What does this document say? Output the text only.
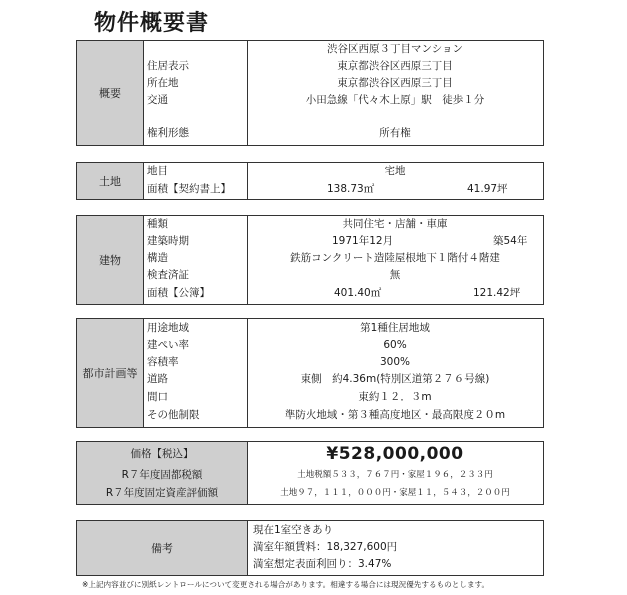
物件概要書
概要
渋谷区西原３丁目マンション
住居表示	東京都渋谷区西原三丁目
所在地	東京都渋谷区西原三丁目
交通	小田急線「代々木上原」駅　徒歩１分
権利形態	所有権
土地
地目	宅地
面積【契約書上】	138.73㎡	41.97坪
建物
種類	共同住宅・店舗・車庫
建築時期	1971年12月	築54年
構造	鉄筋コンクリート造陸屋根地下１階付４階建
検査済証	無
面積【公簿】	401.40㎡	121.42坪
都市計画等
用途地域	第1種住居地域
建ぺい率	60%
容積率	300%
道路	東側　約4.36m(特別区道第２７６号線)
間口	東約１２．３m
その他制限	準防火地域・第３種高度地区・最高限度２０m
価格【税込】	¥528,000,000
R７年度固都税額	土地税額５３３，７６７円・家屋１９６，２３３円
R７年度固定資産評価額	土地９７，１１１，０００円・家屋１１，５４３，２００円
備考
現在1室空きあり
満室年額賃料：18,327,600円
満室想定表面利回り：3.47%
※上記内容並びに別紙レントロールについて変更される場合があります。相違する場合には現況優先するものとします。
